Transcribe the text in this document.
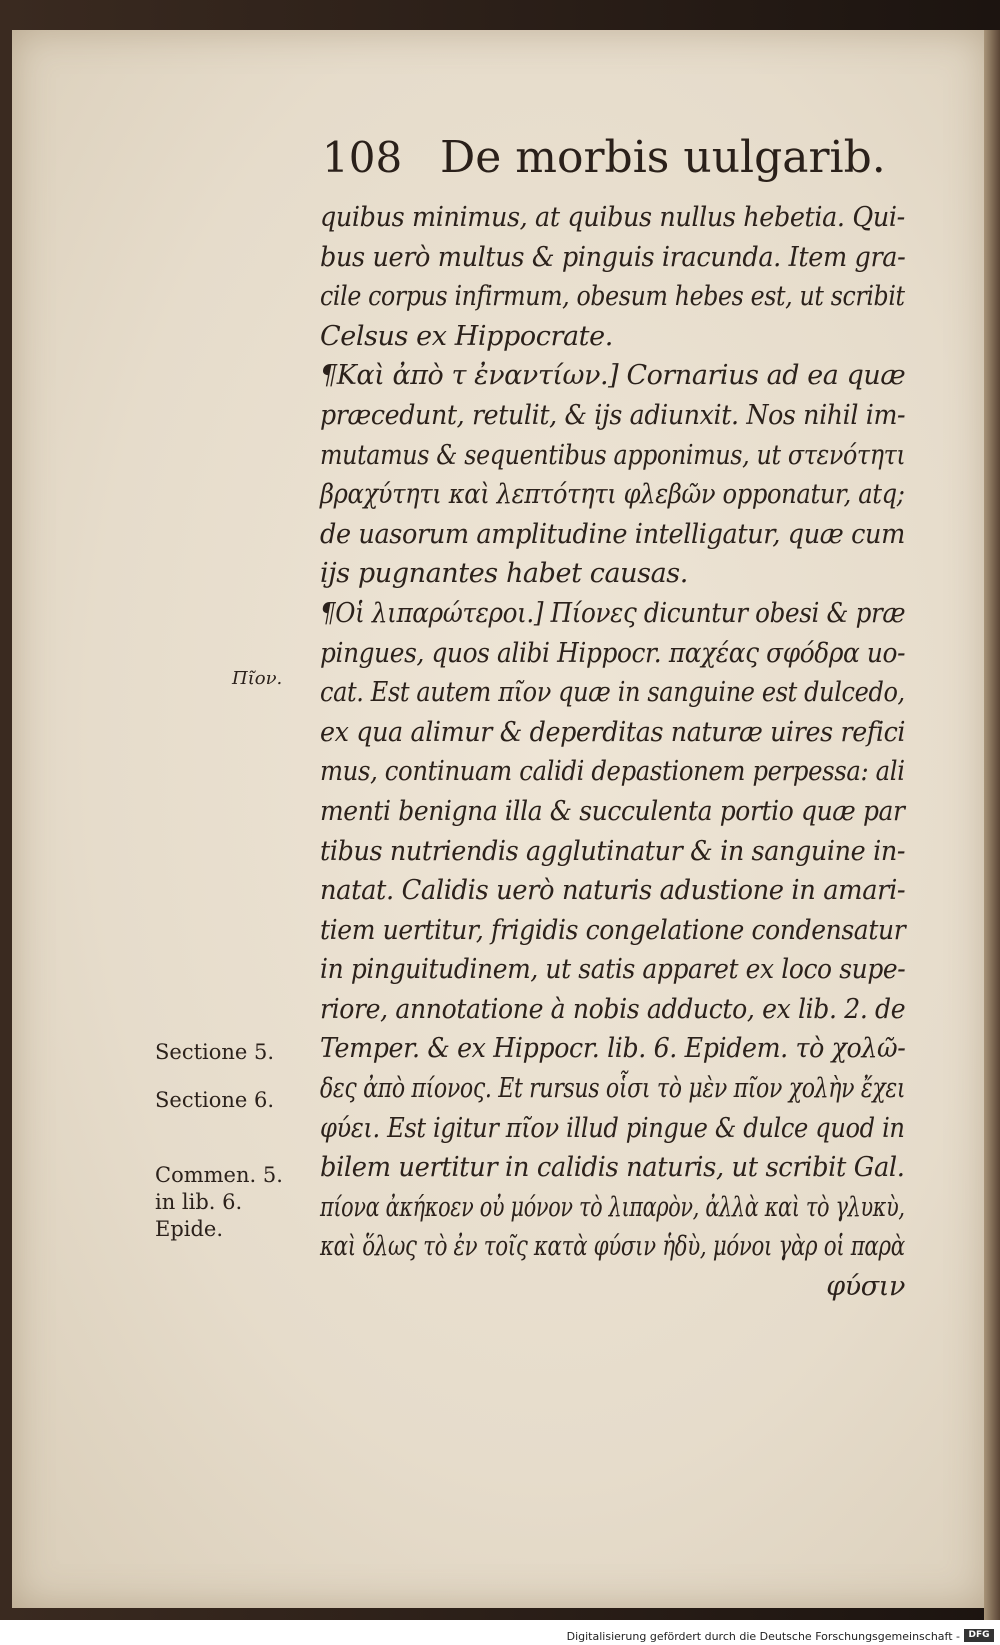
108 De morbis uulgarib.
quibus minimus, at quibus nullus hebetia. Qui-
bus uerò multus & pinguis iracunda. Item gra-
cile corpus infirmum, obesum hebes est, ut scribit
Celsus ex Hippocrate.
¶Καὶ ἀπὸ τ ἐναντίων.] Cornarius ad ea quæ
præcedunt, retulit, & ijs adiunxit. Nos nihil im-
mutamus & sequentibus apponimus, ut στενότητι
βραχύτητι καὶ λεπτότητι φλεβῶν opponatur, atq;
de uasorum amplitudine intelligatur, quæ cum
ijs pugnantes habet causas.
¶Οἱ λιπαρώτεροι.] Πίονες dicuntur obesi & præ
pingues, quos alibi Hippocr. παχέας σφόδρα uo-
cat. Est autem πῖον quæ in sanguine est dulcedo,
ex qua alimur & deperditas naturæ uires refici
mus, continuam calidi depastionem perpessa: ali
menti benigna illa & succulenta portio quæ par
tibus nutriendis agglutinatur & in sanguine in-
natat. Calidis uerò naturis adustione in amari-
tiem uertitur, frigidis congelatione condensatur
in pinguitudinem, ut satis apparet ex loco supe-
riore, annotatione à nobis adducto, ex lib. 2. de
Temper. & ex Hippocr. lib. 6. Epidem. τὸ χολῶ-
δες ἀπὸ πίονος. Et rursus οἷσι τὸ μὲν πῖον χολὴν ἔχει
φύει. Est igitur πῖον illud pingue & dulce quod in
bilem uertitur in calidis naturis, ut scribit Gal.
πίονα ἀκήκοεν οὐ μόνον τὸ λιπαρὸν, ἀλλὰ καὶ τὸ γλυκὺ,
καὶ ὅλως τὸ ἐν τοῖς κατὰ φύσιν ἡδὺ, μόνοι γὰρ οἱ παρὰ
φύσιν
Πῖον.
Sectione 5.
Sectione 6.
Commen. 5. in lib. 6. Epide.
Digitalisierung gefördert durch die Deutsche Forschungsgemeinschaft - DFG
